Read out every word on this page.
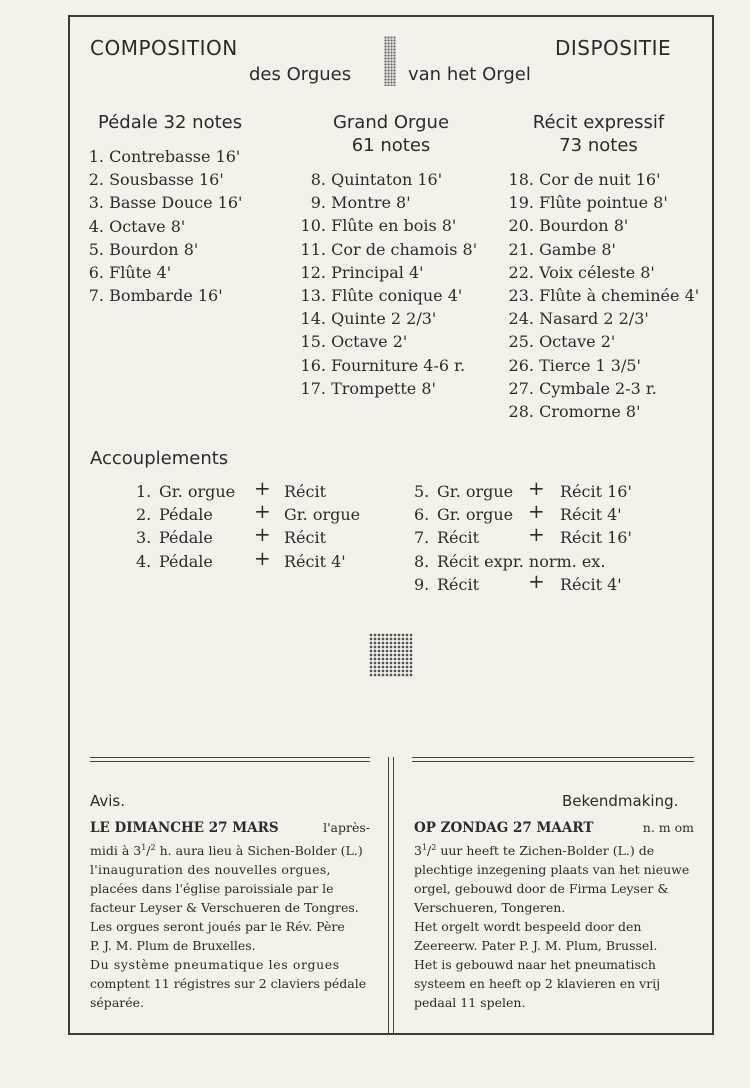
COMPOSITION	DISPOSITIE
des Orgues	van het Orgel
Pédale 32 notes
1. Contrebasse 16'
2. Sousbasse 16'
3. Basse Douce 16'
4. Octave 8'
5. Bourdon 8'
6. Flûte 4'
7. Bombarde 16'
Grand Orgue
61 notes
8. Quintaton 16'
9. Montre 8'
10. Flûte en bois 8'
11. Cor de chamois 8'
12. Principal 4'
13. Flûte conique 4'
14. Quinte 2 2/3'
15. Octave 2'
16. Fourniture 4-6 r.
17. Trompette 8'
Récit expressif
73 notes
18. Cor de nuit 16'
19. Flûte pointue 8'
20. Bourdon 8'
21. Gambe 8'
22. Voix céleste 8'
23. Flûte à cheminée 4'
24. Nasard 2 2/3'
25. Octave 2'
26. Tierce 1 3/5'
27. Cymbale 2-3 r.
28. Cromorne 8'
Accouplements
1. Gr. orgue + Récit
2. Pédale + Gr. orgue
3. Pédale + Récit
4. Pédale + Récit 4'
5. Gr. orgue + Récit 16'
6. Gr. orgue + Récit 4'
7. Récit + Récit 16'
8. Récit expr. norm. ex.
9. Récit + Récit 4'
Avis.
LE DIMANCHE 27 MARS	l'après-
midi à $3^1/^2$ h. aura lieu à Sichen-Bolder (L.)
l'inauguration des nouvelles orgues,
placées dans l'église paroissiale par le
facteur Leyser & Verschueren de Tongres.
Les orgues seront joués par le Rév. Père
P. J. M. Plum de Bruxelles.
Du système pneumatique les orgues
comptent 11 régistres sur 2 claviers pédale
séparée.
Bekendmaking.
OP ZONDAG 27 MAART	n. m om
$3^1/^2$ uur heeft te Zichen-Bolder (L.) de
plechtige inzegening plaats van het nieuwe
orgel, gebouwd door de Firma Leyser &
Verschueren, Tongeren.
Het orgelt wordt bespeeld door den
Zeereerw. Pater P. J. M. Plum, Brussel.
Het is gebouwd naar het pneumatisch
systeem en heeft op 2 klavieren en vrij
pedaal 11 spelen.
